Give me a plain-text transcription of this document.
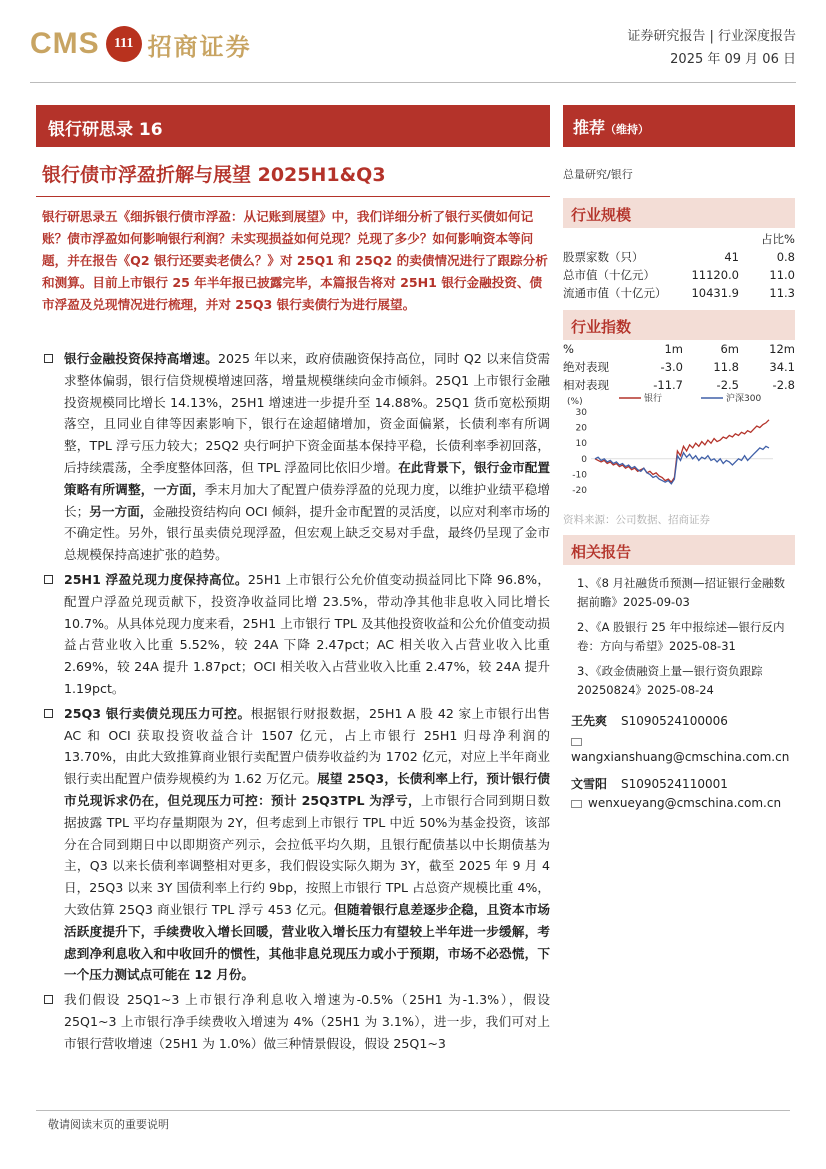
CMS	111 招商证券	证券研究报告 | 行业深度报告
2025 年 09 月 06 日
银行研思录 16
银行债市浮盈折解与展望 2025H1&Q3
银行研思录五《细拆银行债市浮盈：从记账到展望》中，我们详细分析了银行买债如何记账？债市浮盈如何影响银行利润？未实现损益如何兑现？兑现了多少？如何影响资本等问题，并在报告《Q2 银行还要卖老债么？》对 25Q1 和 25Q2 的卖债情况进行了跟踪分析和测算。目前上市银行 25 年半年报已披露完毕，本篇报告将对 25H1 银行金融投资、债市浮盈及兑现情况进行梳理，并对 25Q3 银行卖债行为进行展望。
银行金融投资保持高增速。2025 年以来，政府债融资保持高位，同时 Q2 以来信贷需求整体偏弱，银行信贷规模增速回落，增量规模继续向金市倾斜。25Q1 上市银行金融投资规模同比增长 14.13%，25H1 增速进一步提升至 14.88%。25Q1 货币宽松预期落空，且同业自律等因素影响下，银行在途超储增加，资金面偏紧，长债利率有所调整，TPL 浮亏压力较大；25Q2 央行呵护下资金面基本保持平稳，长债利率季初回落，后持续震荡，全季度整体回落，但 TPL 浮盈同比依旧少增。在此背景下，银行金市配置策略有所调整，一方面，季末月加大了配置户债券浮盈的兑现力度，以维护业绩平稳增长；另一方面，金融投资结构向 OCI 倾斜，提升金市配置的灵活度，以应对利率市场的不确定性。另外，银行虽卖债兑现浮盈，但宏观上缺乏交易对手盘，最终仍呈现了金市总规模保持高速扩张的趋势。
25H1 浮盈兑现力度保持高位。25H1 上市银行公允价值变动损益同比下降 96.8%，配置户浮盈兑现贡献下，投资净收益同比增 23.5%，带动净其他非息收入同比增长 10.7%。从具体兑现力度来看，25H1 上市银行 TPL 及其他投资收益和公允价值变动损益占营业收入比重 5.52%，较 24A 下降 2.47pct；AC 相关收入占营业收入比重 2.69%，较 24A 提升 1.87pct；OCI 相关收入占营业收入比重 2.47%，较 24A 提升 1.19pct。
25Q3 银行卖债兑现压力可控。根据银行财报数据，25H1 A 股 42 家上市银行出售 AC 和 OCI 获取投资收益合计 1507 亿元，占上市银行 25H1 归母净利润的 13.70%，由此大致推算商业银行卖配置户债券收益约为 1702 亿元，对应上半年商业银行卖出配置户债券规模约为 1.62 万亿元。展望 25Q3，长债利率上行，预计银行债市兑现诉求仍在，但兑现压力可控：预计 25Q3TPL 为浮亏，上市银行合同到期日数据披露 TPL 平均存量期限为 2Y，但考虑到上市银行 TPL 中近 50%为基金投资，该部分在合同到期日中以即期资产列示，会拉低平均久期，且银行配债基以中长期债基为主，Q3 以来长债利率调整相对更多，我们假设实际久期为 3Y，截至 2025 年 9 月 4 日，25Q3 以来 3Y 国债利率上行约 9bp，按照上市银行 TPL 占总资产规模比重 4%，大致估算 25Q3 商业银行 TPL 浮亏 453 亿元。但随着银行息差逐步企稳，且资本市场活跃度提升下，手续费收入增长回暖，营业收入增长压力有望较上半年进一步缓解，考虑到净利息收入和中收回升的惯性，其他非息兑现压力或小于预期，市场不必恐慌，下一个压力测试点可能在 12 月份。
我们假设 25Q1~3 上市银行净利息收入增速为-0.5%（25H1 为-1.3%），假设 25Q1~3 上市银行净手续费收入增速为 4%（25H1 为 3.1%），进一步，我们可对上市银行营收增速（25H1 为 1.0%）做三种情景假设，假设 25Q1~3
推荐（维持）
总量研究/银行
行业规模
占比%
股票家数（只）	41	0.8
总市值（十亿元）	11120.0	11.0
流通市值（十亿元）	10431.9	11.3
行业指数
%	1m	6m	12m
绝对表现	-3.0	11.8	34.1
相对表现	-11.7	-2.5	-2.8
(%)
30
20
10
0
-10
-20
银行	沪深300
资料来源：公司数据、招商证券
相关报告
1、《8 月社融货币预测—招证银行金融数据前瞻》2025-09-03
2、《A 股银行 25 年中报综述—银行反内卷：方向与希望》2025-08-31
3、《政金债融资上量—银行资负跟踪 20250824》2025-08-24
王先爽 S1090524100006
wangxianshuang@cmschina.com.cn
文雪阳 S1090524110001
wenxueyang@cmschina.com.cn
敬请阅读末页的重要说明
